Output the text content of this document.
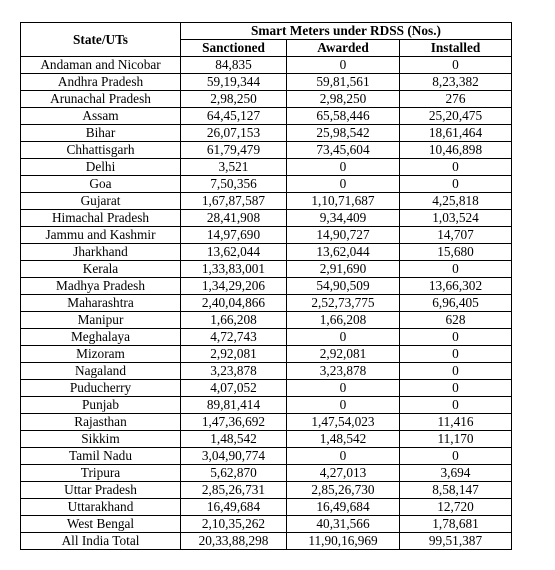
State/UTs	Smart Meters under RDSS (Nos.)		
	Sanctioned	Awarded	Installed
Andaman and Nicobar	84,835	0	0
Andhra Pradesh	59,19,344	59,81,561	8,23,382
Arunachal Pradesh	2,98,250	2,98,250	276
Assam	64,45,127	65,58,446	25,20,475
Bihar	26,07,153	25,98,542	18,61,464
Chhattisgarh	61,79,479	73,45,604	10,46,898
Delhi	3,521	0	0
Goa	7,50,356	0	0
Gujarat	1,67,87,587	1,10,71,687	4,25,818
Himachal Pradesh	28,41,908	9,34,409	1,03,524
Jammu and Kashmir	14,97,690	14,90,727	14,707
Jharkhand	13,62,044	13,62,044	15,680
Kerala	1,33,83,001	2,91,690	0
Madhya Pradesh	1,34,29,206	54,90,509	13,66,302
Maharashtra	2,40,04,866	2,52,73,775	6,96,405
Manipur	1,66,208	1,66,208	628
Meghalaya	4,72,743	0	0
Mizoram	2,92,081	2,92,081	0
Nagaland	3,23,878	3,23,878	0
Puducherry	4,07,052	0	0
Punjab	89,81,414	0	0
Rajasthan	1,47,36,692	1,47,54,023	11,416
Sikkim	1,48,542	1,48,542	11,170
Tamil Nadu	3,04,90,774	0	0
Tripura	5,62,870	4,27,013	3,694
Uttar Pradesh	2,85,26,731	2,85,26,730	8,58,147
Uttarakhand	16,49,684	16,49,684	12,720
West Bengal	2,10,35,262	40,31,566	1,78,681
All India Total	20,33,88,298	11,90,16,969	99,51,387
